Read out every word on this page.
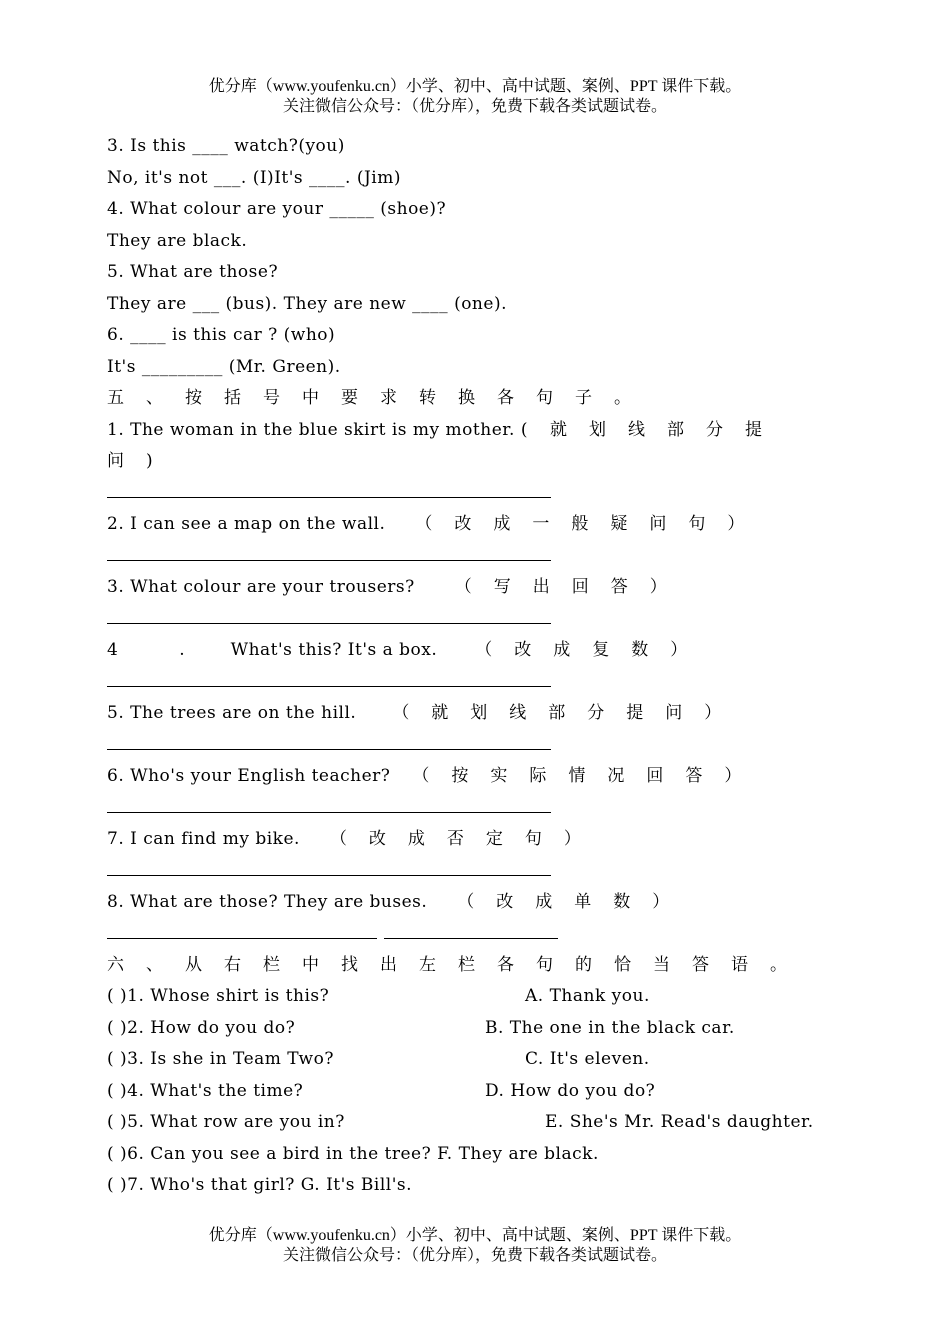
优分库（www.youfenku.cn）小学、初中、高中试题、案例、PPT 课件下载。
关注微信公众号：（优分库），免费下载各类试题试卷。
3. Is this ____ watch?(you)
No, it's not ___. (I)It's ____. (Jim)
4. What colour are your _____ (shoe)?
They are black.
5. What are those?
They are ___ (bus). They are new ____ (one).
6. ____ is this car ? (who)
It's _________ (Mr. Green).
五、按括号中要求转换各句子。
1. The woman in the blue skirt is my mother. ( 就划线部分提
问)
2. I can see a map on the wall. （改成一般疑问句）
3. What colour are your trousers? （写出回答）
4 . What's this? It's a box. （改成复数）
5. The trees are on the hill. （就划线部分提问）
6. Who's your English teacher? （按实际情况回答）
7. I can find my bike. （改成否定句）
8. What are those? They are buses. （改成单数）
六、从右栏中找出左栏各句的恰当答语。
( )1. Whose shirt is this?	A. Thank you.
( )2. How do you do?	B. The one in the black car.
( )3. Is she in Team Two?	C. It's eleven.
( )4. What's the time?	D. How do you do?
( )5. What row are you in?	E. She's Mr. Read's daughter.
( )6. Can you see a bird in the tree? F. They are black.
( )7. Who's that girl? G. It's Bill's.
优分库（www.youfenku.cn）小学、初中、高中试题、案例、PPT 课件下载。
关注微信公众号：（优分库），免费下载各类试题试卷。
